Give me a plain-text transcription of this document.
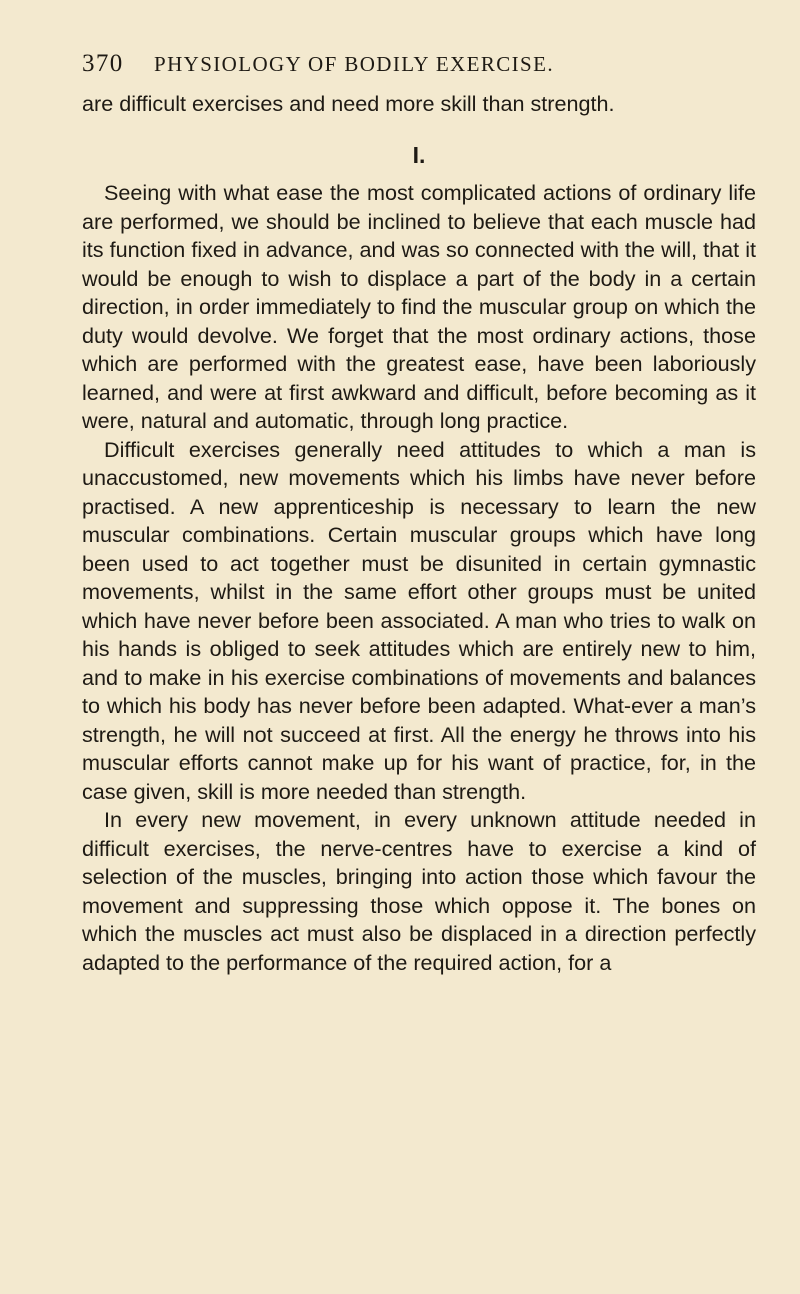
370	PHYSIOLOGY OF BODILY EXERCISE.

are difficult exercises and need more skill than strength.

I.

Seeing with what ease the most complicated actions of ordinary life are performed, we should be inclined to believe that each muscle had its function fixed in advance, and was so connected with the will, that it would be enough to wish to displace a part of the body in a certain direction, in order immediately to find the muscular group on which the duty would devolve. We forget that the most ordinary actions, those which are performed with the greatest ease, have been laboriously learned, and were at first awkward and difficult, before becoming as it were, natural and automatic, through long practice.

Difficult exercises generally need attitudes to which a man is unaccustomed, new movements which his limbs have never before practised. A new apprenticeship is necessary to learn the new muscular combinations. Certain muscular groups which have long been used to act together must be disunited in certain gymnastic movements, whilst in the same effort other groups must be united which have never before been associated. A man who tries to walk on his hands is obliged to seek attitudes which are entirely new to him, and to make in his exercise combinations of movements and balances to which his body has never before been adapted. What-ever a man’s strength, he will not succeed at first. All the energy he throws into his muscular efforts cannot make up for his want of practice, for, in the case given, skill is more needed than strength.

In every new movement, in every unknown attitude needed in difficult exercises, the nerve-centres have to exercise a kind of selection of the muscles, bringing into action those which favour the movement and suppressing those which oppose it. The bones on which the muscles act must also be displaced in a direction perfectly adapted to the performance of the required action, for a
